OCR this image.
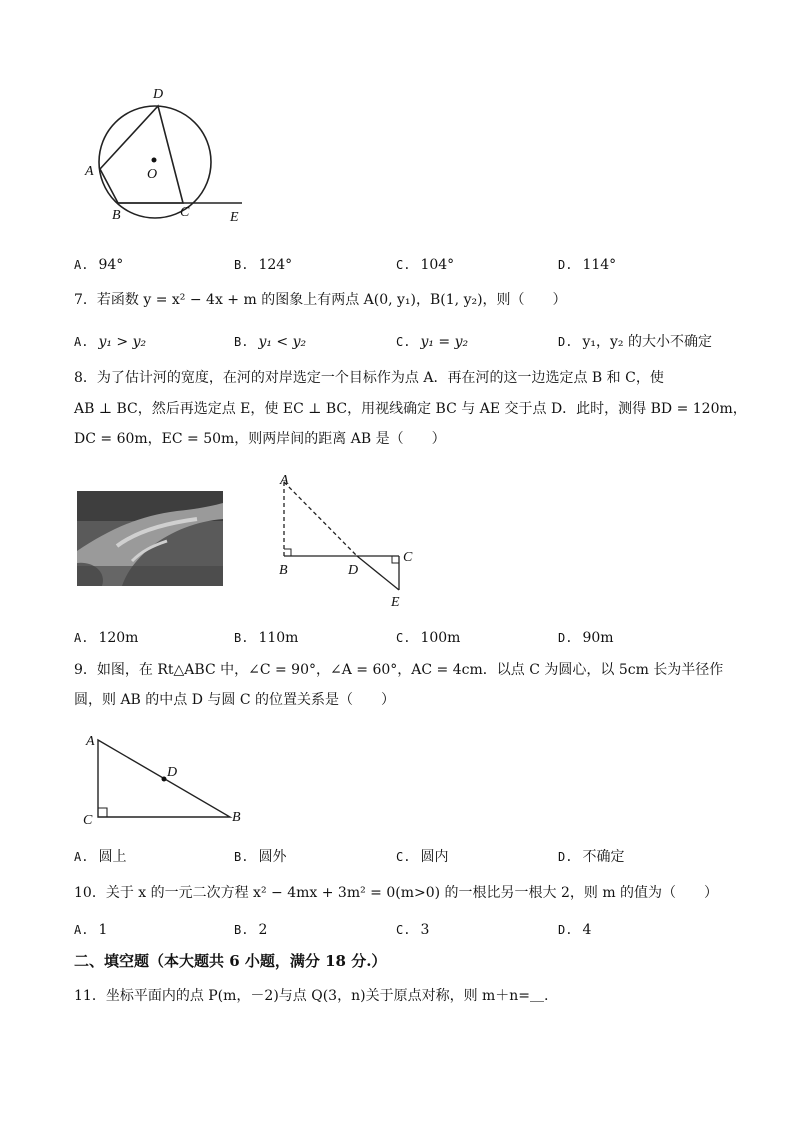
D
A	O
B	C	E
A. 94°	B. 124°	C. 104°	D. 114°
7．若函数 y = x² − 4x + m 的图象上有两点 A(0, y₁)，B(1, y₂)，则（　　）
A. y₁ > y₂	B. y₁ < y₂	C. y₁ = y₂	D. y₁，y₂ 的大小不确定
8．为了估计河的宽度，在河的对岸选定一个目标作为点 A．再在河的这一边选定点 B 和 C，使
AB ⊥ BC，然后再选定点 E，使 EC ⊥ BC，用视线确定 BC 与 AE 交于点 D．此时，测得 BD = 120m，
DC = 60m，EC = 50m，则两岸间的距离 AB 是（　　）
A
B	D
C
E
A. 120m	B. 110m	C. 100m	D. 90m
9．如图，在 Rt△ABC 中，∠C = 90°，∠A = 60°，AC = 4cm．以点 C 为圆心，以 5cm 长为半径作
圆，则 AB 的中点 D 与圆 C 的位置关系是（　　）
A
D
C	B
A. 圆上	B. 圆外	C. 圆内	D. 不确定
10．关于 x 的一元二次方程 x² − 4mx + 3m² = 0(m>0) 的一根比另一根大 2，则 m 的值为（　　）
A. 1	B. 2	C. 3	D. 4
二、填空题（本大题共 6 小题，满分 18 分.）
11．坐标平面内的点 P(m，－2)与点 Q(3，n)关于原点对称，则 m＋n=＿.
